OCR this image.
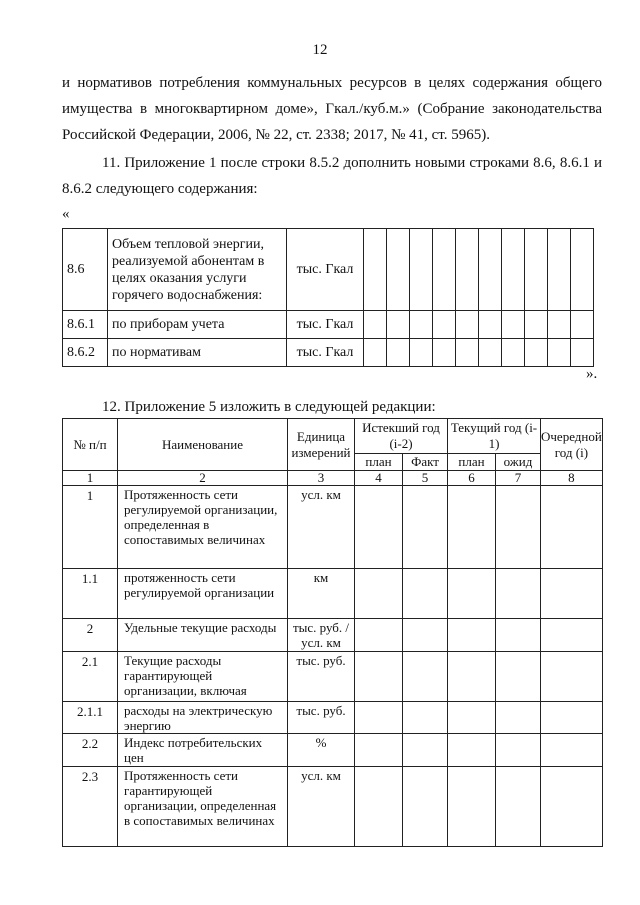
12
и нормативов потребления коммунальных ресурсов в целях содержания общего имущества в многоквартирном доме», Гкал./куб.м.» (Собрание законодательства Российской Федерации, 2006, № 22, ст. 2338; 2017, № 41, ст. 5965).
11. Приложение 1 после строки 8.5.2 дополнить новыми строками 8.6, 8.6.1 и 8.6.2 следующего содержания:
«
8.6	Объем тепловой энергии, реализуемой абонентам в целях оказания услуги горячего водоснабжения:	тыс. Гкал										
8.6.1	по приборам учета	тыс. Гкал										
8.6.2	по нормативам	тыс. Гкал										
».
12. Приложение 5 изложить в следующей редакции:
№ п/п	Наименование	Единица измерений	Истекший год (i-2)		Текущий год (i-1)		Очередной год (i)
			план	Факт	план	ожид	
1	2	3	4	5	6	7	8
1	Протяженность сети регулируемой организации, определенная в сопоставимых величинах	усл. км					
1.1	протяженность сети регулируемой организации	км					
2	Удельные текущие расходы	тыс. руб. / усл. км					
2.1	Текущие расходы гарантирующей организации, включая	тыс. руб.					
2.1.1	расходы на электрическую энергию	тыс. руб.					
2.2	Индекс потребительских цен	%					
2.3	Протяженность сети гарантирующей организации, определенная в сопоставимых величинах	усл. км					
